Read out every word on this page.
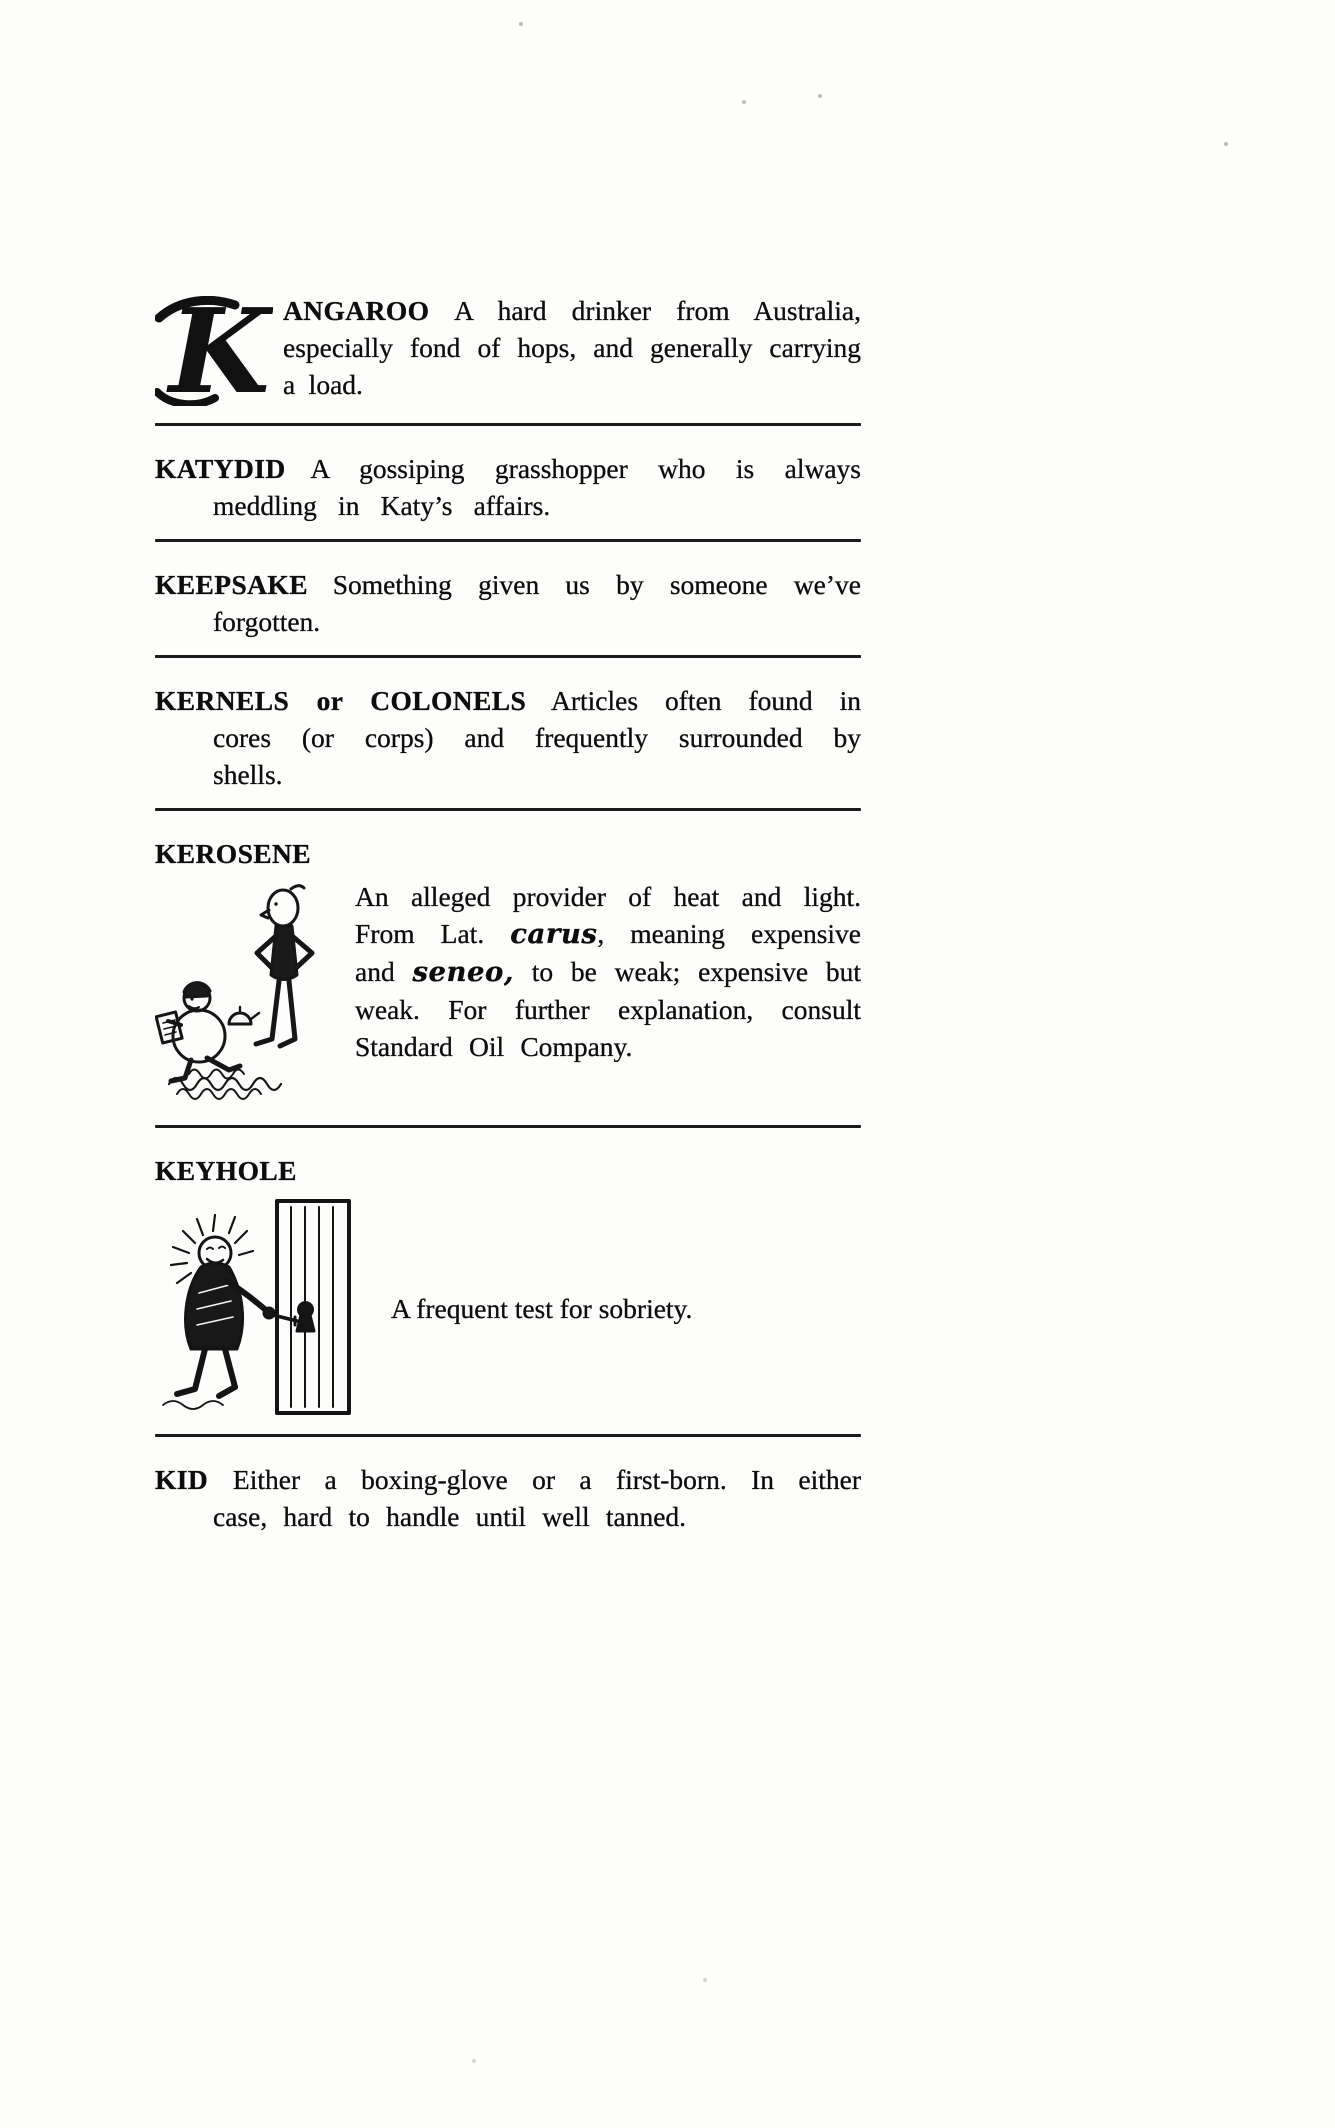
K ANGAROO A hard drinker from Australia, especially fond of hops, and generally carrying a load.
KATYDID A gossiping grasshopper who is always meddling in Katy’s affairs.
KEEPSAKE Something given us by someone we’ve forgotten.
KERNELS or COLONELS Articles often found in cores (or corps) and frequently surrounded by shells.
KEROSENE
An alleged provider of heat and light. From Lat. carus, meaning expensive and seneo, to be weak; expensive but weak. For further explanation, consult Standard Oil Company.
KEYHOLE
A frequent test for sobriety.
KID Either a boxing-glove or a first-born. In either case, hard to handle until well tanned.
